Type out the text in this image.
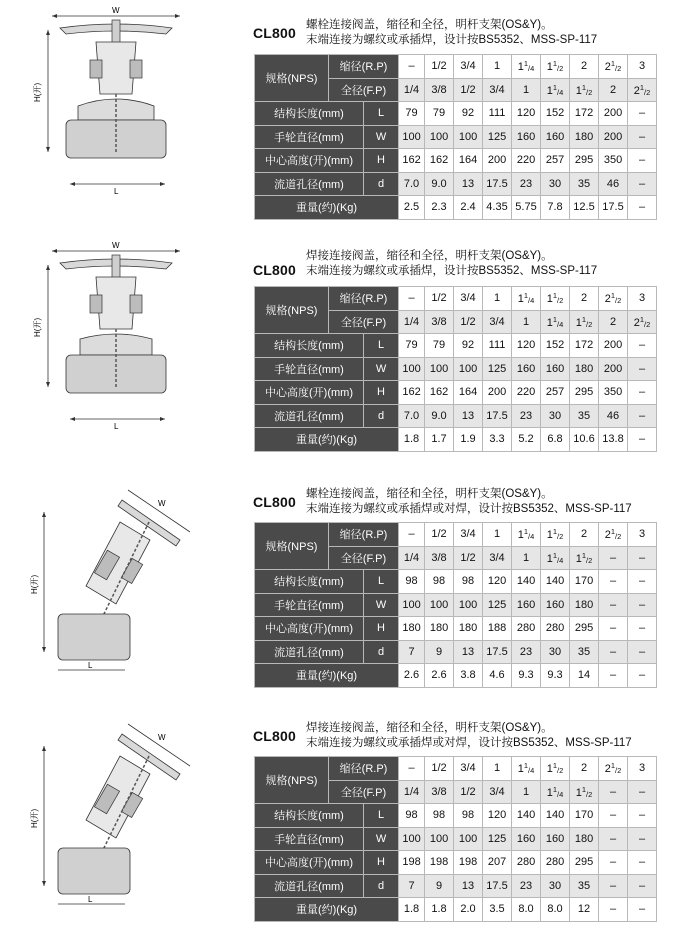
W
H(开)
L
CL800 螺栓连接阀盖，缩径和全径，明杆支架(OS&Y)。
末端连接为螺纹或承插焊，设计按BS5352、MSS-SP-117
规格(NPS)	缩径(R.P)		–	1/2	3/4	1	$1^1/4$	$1^1/2$	2	$2^1/2$	3
	全径(F.P)		1/4	3/8	1/2	3/4	1	$1^1/4$	$1^1/2$	2	$2^1/2$
结构长度(mm)		L	79	79	92	111	120	152	172	200	–
手轮直径(mm)		W	100	100	100	125	160	160	180	200	–
中心高度(开)(mm)		H	162	162	164	200	220	257	295	350	–
流道孔径(mm)		d	7.0	9.0	13	17.5	23	30	35	46	–
重量(约)(Kg)			2.5	2.3	2.4	4.35	5.75	7.8	12.5	17.5	–
W
H(开)
L
CL800
焊接连接阀盖，缩径和全径，明杆支架(OS&Y)。
末端连接为螺纹或承插焊，设计按BS5352、MSS-SP-117
规格(NPS)	缩径(R.P)		–	1/2	3/4	1	$1^1/4$	$1^1/2$	2	$2^1/2$	3
	全径(F.P)		1/4	3/8	1/2	3/4	1	$1^1/4$	$1^1/2$	2	$2^1/2$
结构长度(mm)		L	79	79	92	111	120	152	172	200	–
手轮直径(mm)		W	100	100	100	125	160	160	180	200	–
中心高度(开)(mm)		H	162	162	164	200	220	257	295	350	–
流道孔径(mm)		d	7.0	9.0	13	17.5	23	30	35	46	–
重量(约)(Kg)			1.8	1.7	1.9	3.3	5.2	6.8	10.6	13.8	–
W
H(开)
L
CL800 螺栓连接阀盖，缩径和全径，明杆支架(OS&Y)。
末端连接为螺纹或承插焊或对焊，设计按BS5352、MSS-SP-117
规格(NPS)	缩径(R.P)		–	1/2	3/4	1	$1^1/4$	$1^1/2$	2	$2^1/2$	3
	全径(F.P)		1/4	3/8	1/2	3/4	1	$1^1/4$	$1^1/2$	–	–
结构长度(mm)		L	98	98	98	120	140	140	170	–	–
手轮直径(mm)		W	100	100	100	125	160	160	180	–	–
中心高度(开)(mm)		H	180	180	180	188	280	280	295	–	–
流道孔径(mm)		d	7	9	13	17.5	23	30	35	–	–
重量(约)(Kg)			2.6	2.6	3.8	4.6	9.3	9.3	14	–	–
W
H(开)
L
CL800 焊接连接阀盖，缩径和全径，明杆支架(OS&Y)。
末端连接为螺纹或承插焊或对焊，设计按BS5352、MSS-SP-117
规格(NPS)	缩径(R.P)		–	1/2	3/4	1	$1^1/4$	$1^1/2$	2	$2^1/2$	3
	全径(F.P)		1/4	3/8	1/2	3/4	1	$1^1/4$	$1^1/2$	–	–
结构长度(mm)		L	98	98	98	120	140	140	170	–	–
手轮直径(mm)		W	100	100	100	125	160	160	180	–	–
中心高度(开)(mm)		H	198	198	198	207	280	280	295	–	–
流道孔径(mm)		d	7	9	13	17.5	23	30	35	–	–
重量(约)(Kg)			1.8	1.8	2.0	3.5	8.0	8.0	12	–	–
